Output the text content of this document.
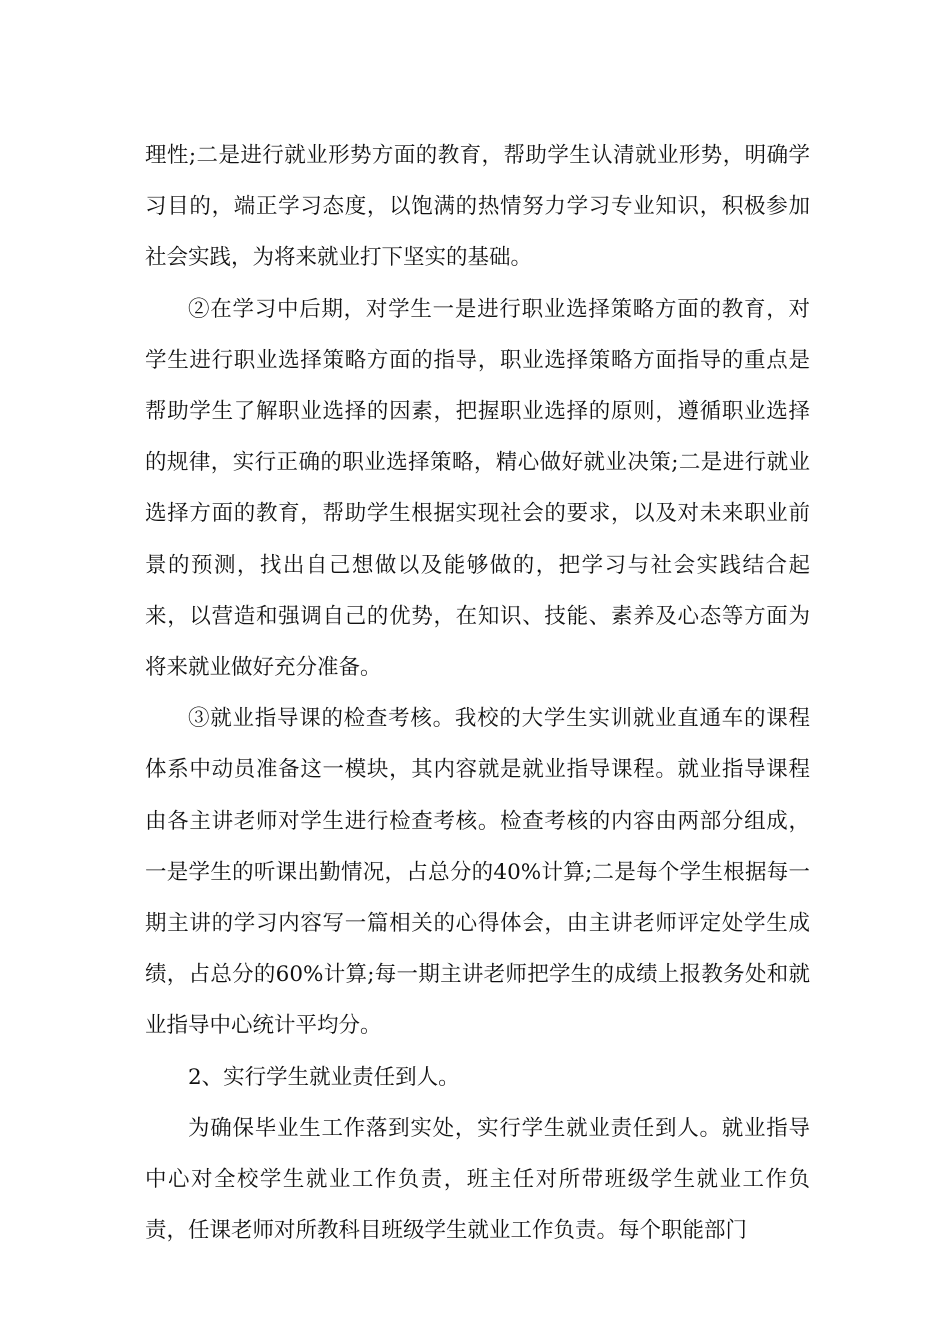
理性;二是进行就业形势方面的教育，帮助学生认清就业形势，明确学习目的，端正学习态度，以饱满的热情努力学习专业知识，积极参加社会实践，为将来就业打下坚实的基础。

②在学习中后期，对学生一是进行职业选择策略方面的教育，对学生进行职业选择策略方面的指导，职业选择策略方面指导的重点是帮助学生了解职业选择的因素，把握职业选择的原则，遵循职业选择的规律，实行正确的职业选择策略，精心做好就业决策;二是进行就业选择方面的教育，帮助学生根据实现社会的要求，以及对未来职业前景的预测，找出自己想做以及能够做的，把学习与社会实践结合起来，以营造和强调自己的优势，在知识、技能、素养及心态等方面为将来就业做好充分准备。

③就业指导课的检查考核。我校的大学生实训就业直通车的课程体系中动员准备这一模块，其内容就是就业指导课程。就业指导课程由各主讲老师对学生进行检查考核。检查考核的内容由两部分组成，一是学生的听课出勤情况，占总分的40%计算;二是每个学生根据每一期主讲的学习内容写一篇相关的心得体会，由主讲老师评定处学生成绩，占总分的60%计算;每一期主讲老师把学生的成绩上报教务处和就业指导中心统计平均分。

2、实行学生就业责任到人。

为确保毕业生工作落到实处，实行学生就业责任到人。就业指导中心对全校学生就业工作负责，班主任对所带班级学生就业工作负责，任课老师对所教科目班级学生就业工作负责。每个职能部门
